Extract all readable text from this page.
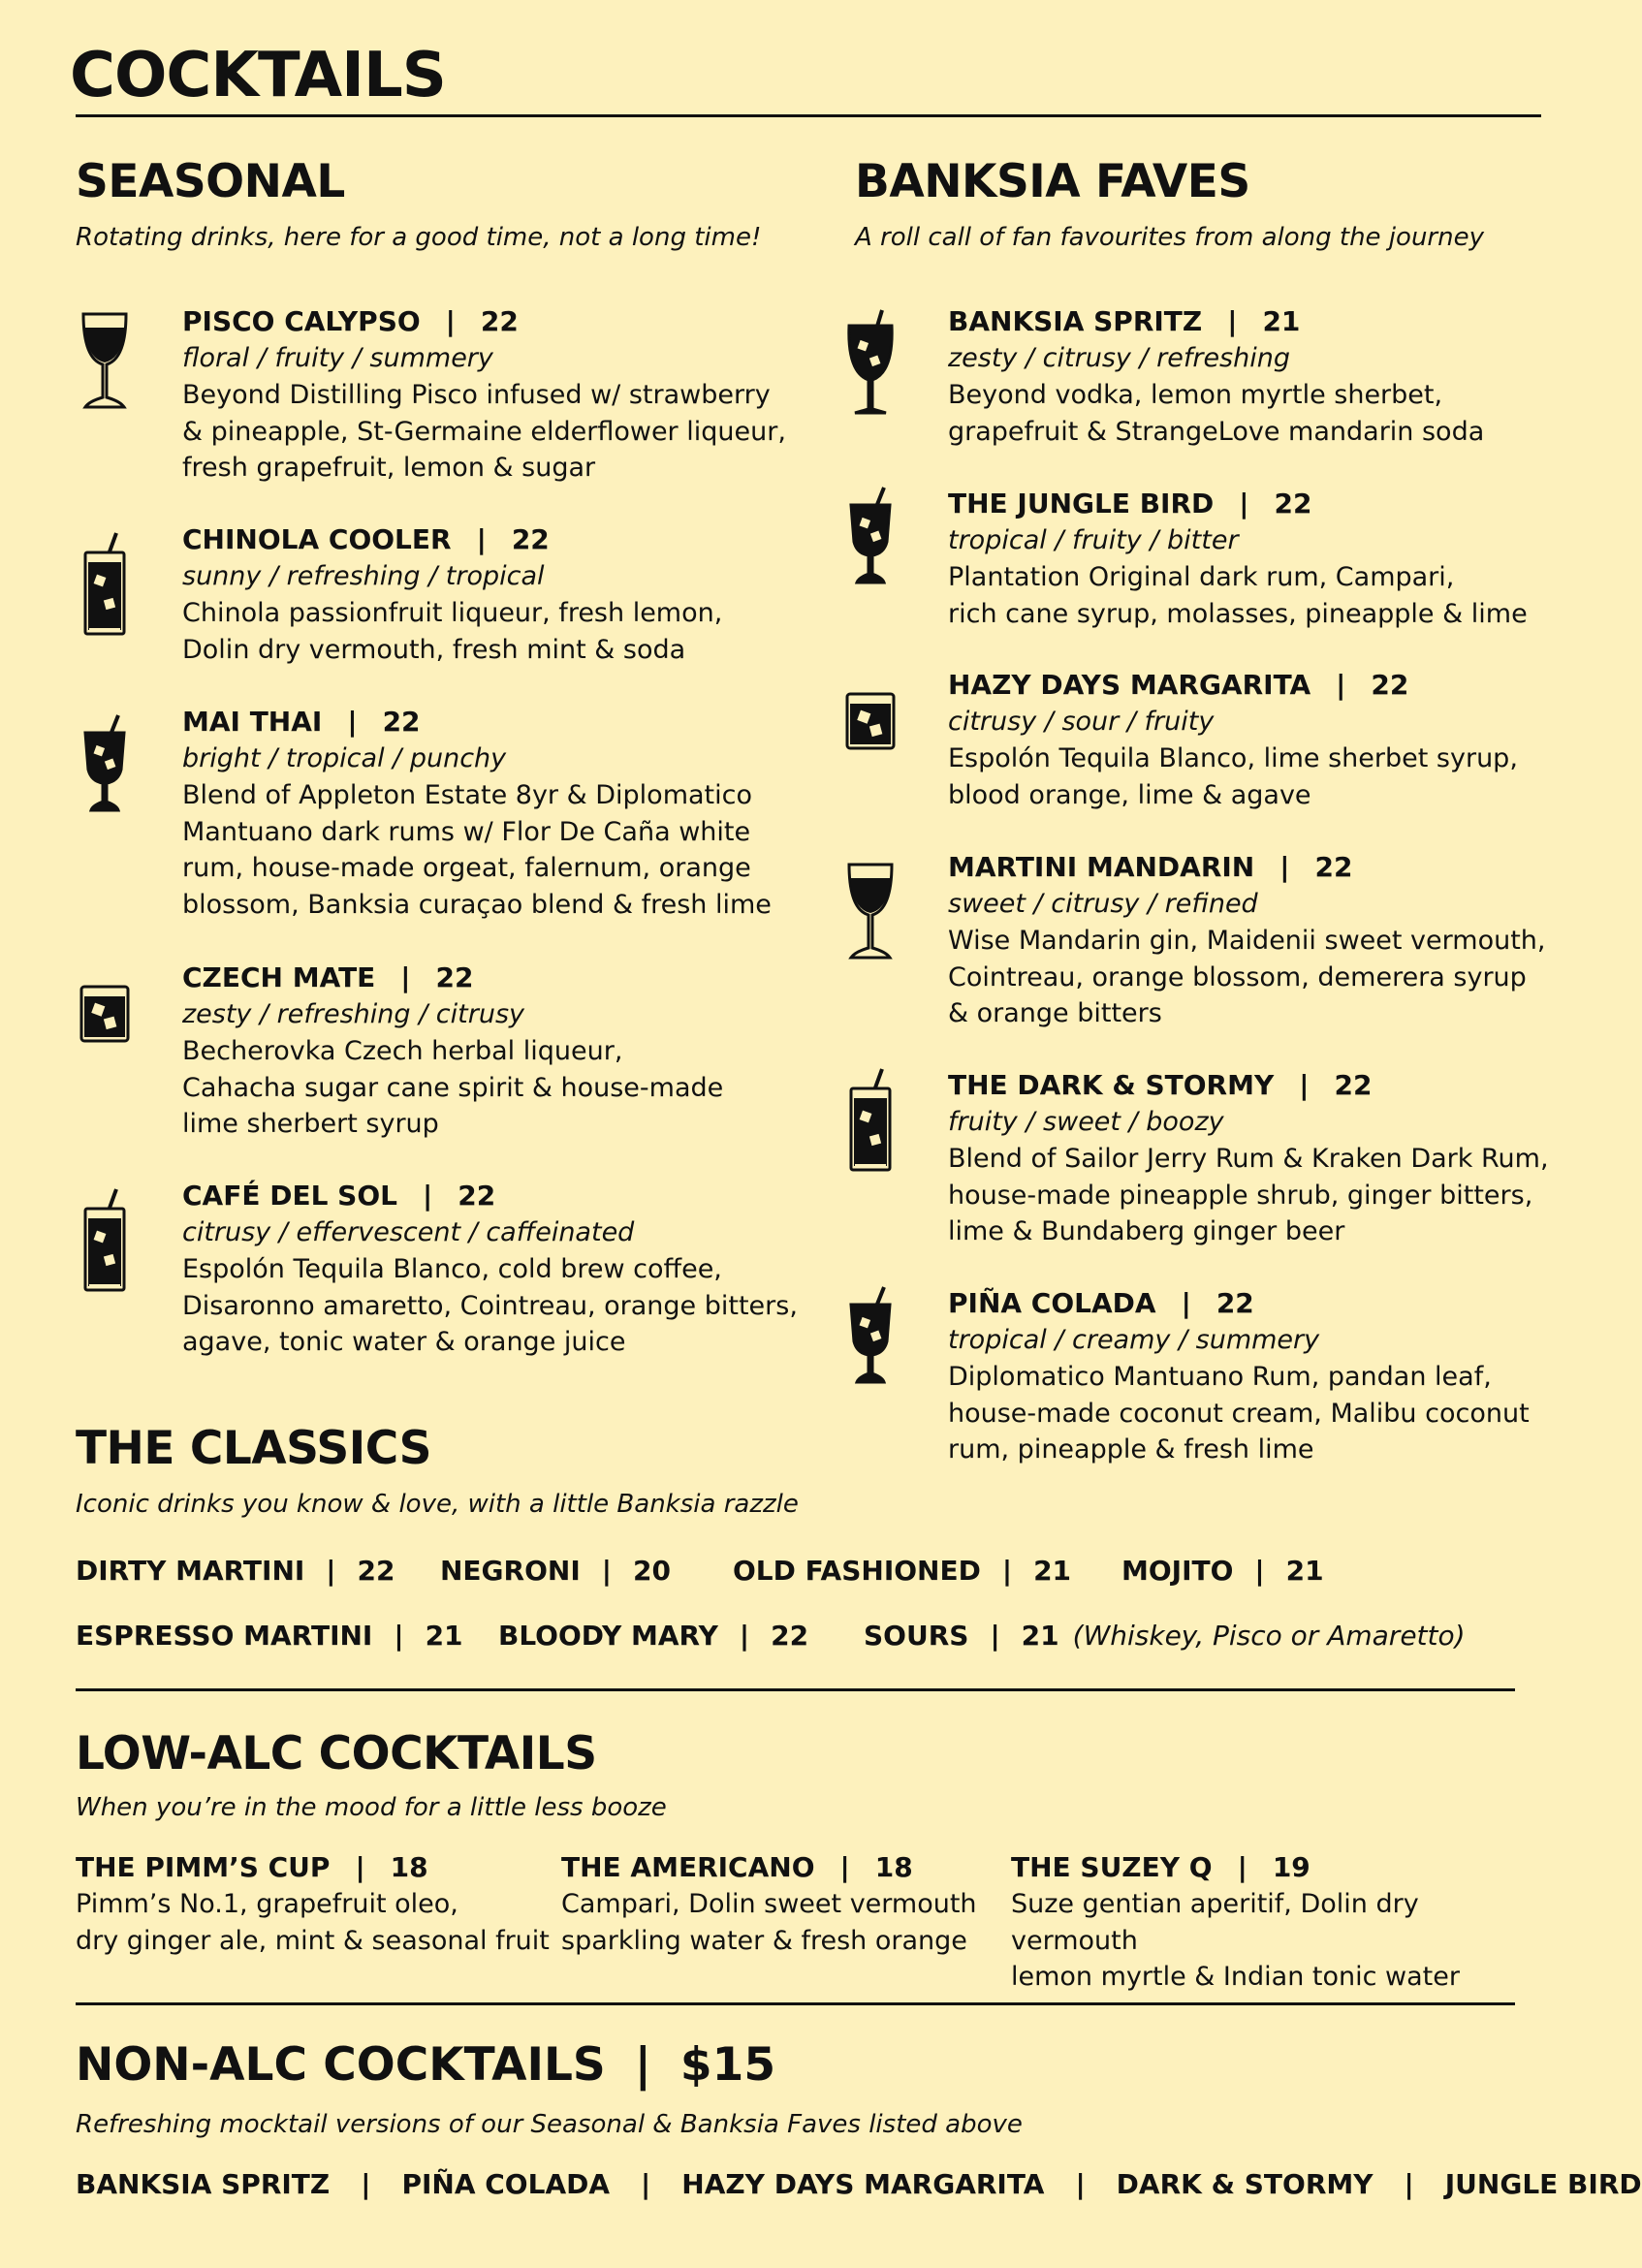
COCKTAILS
SEASONAL

Rotating drinks, here for a good time, not a long time!

PISCO CALYPSO | 22
floral / fruity / summery
Beyond Distilling Pisco infused w/ strawberry
& pineapple, St-Germaine elderflower liqueur,
fresh grapefruit, lemon & sugar
CHINOLA COOLER | 22
sunny / refreshing / tropical
Chinola passionfruit liqueur, fresh lemon,
Dolin dry vermouth, fresh mint & soda
MAI THAI | 22
bright / tropical / punchy
Blend of Appleton Estate 8yr & Diplomatico
Mantuano dark rums w/ Flor De Caña white
rum, house-made orgeat, falernum, orange
blossom, Banksia curaçao blend & fresh lime
CZECH MATE | 22
zesty / refreshing / citrusy
Becherovka Czech herbal liqueur,
Cahacha sugar cane spirit & house-made
lime sherbert syrup
CAFÉ DEL SOL | 22
citrusy / effervescent / caffeinated
Espolón Tequila Blanco, cold brew coffee,
Disaronno amaretto, Cointreau, orange bitters,
agave, tonic water & orange juice
BANKSIA FAVES

A roll call of fan favourites from along the journey

BANKSIA SPRITZ | 21
zesty / citrusy / refreshing
Beyond vodka, lemon myrtle sherbet,
grapefruit & StrangeLove mandarin soda
THE JUNGLE BIRD | 22
tropical / fruity / bitter
Plantation Original dark rum, Campari,
rich cane syrup, molasses, pineapple & lime
HAZY DAYS MARGARITA | 22
citrusy / sour / fruity
Espolón Tequila Blanco, lime sherbet syrup,
blood orange, lime & agave
MARTINI MANDARIN | 22
sweet / citrusy / refined
Wise Mandarin gin, Maidenii sweet vermouth,
Cointreau, orange blossom, demerera syrup
& orange bitters
THE DARK & STORMY | 22
fruity / sweet / boozy
Blend of Sailor Jerry Rum & Kraken Dark Rum,
house-made pineapple shrub, ginger bitters,
lime & Bundaberg ginger beer
PIÑA COLADA | 22
tropical / creamy / summery
Diplomatico Mantuano Rum, pandan leaf,
house-made coconut cream, Malibu coconut
rum, pineapple & fresh lime
THE CLASSICS

Iconic drinks you know & love, with a little Banksia razzle

DIRTY MARTINI | 22 NEGRONI | 20 OLD FASHIONED | 21 MOJITO | 21
ESPRESSO MARTINI | 21 BLOODY MARY | 22 SOURS | 21 (Whiskey, Pisco or Amaretto)
LOW-ALC COCKTAILS

When you’re in the mood for a little less booze

THE PIMM’S CUP | 18
Pimm’s No.1, grapefruit oleo,
dry ginger ale, mint & seasonal fruit
THE AMERICANO | 18
Campari, Dolin sweet vermouth
sparkling water & fresh orange
THE SUZEY Q | 19
Suze gentian aperitif, Dolin dry vermouth
lemon myrtle & Indian tonic water
NON-ALC COCKTAILS | $15

Refreshing mocktail versions of our Seasonal & Banksia Faves listed above

BANKSIA SPRITZ | PIÑA COLADA | HAZY DAYS MARGARITA | DARK & STORMY | JUNGLE BIRD
